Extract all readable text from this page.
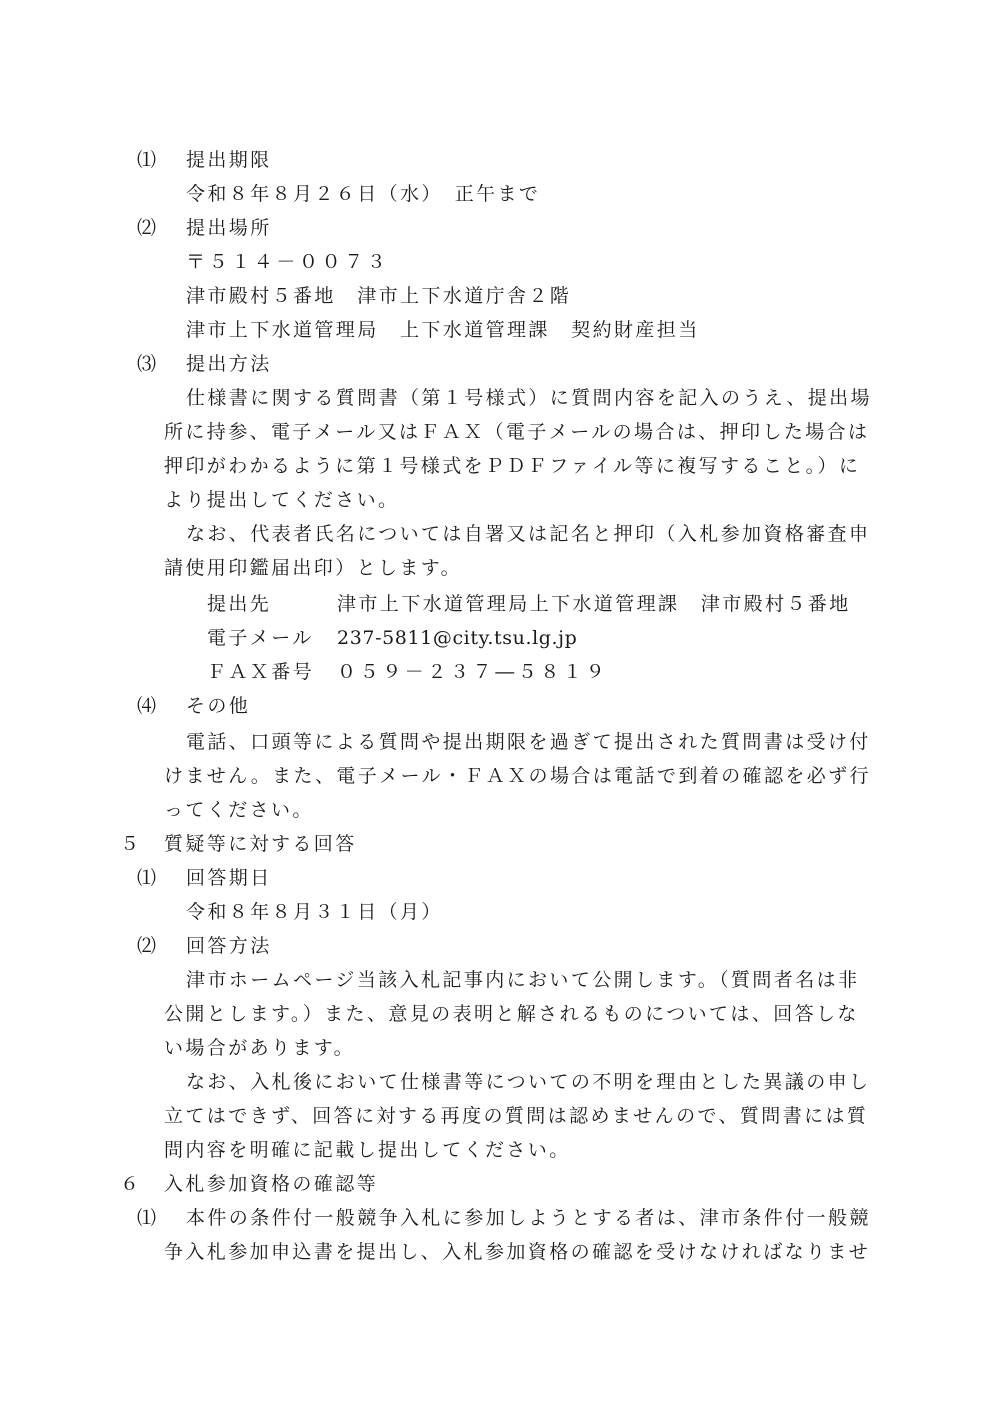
⑴ 提出期限
令和８年８月２６日（水）　正午まで
⑵ 提出場所
〒５１４－００７３
津市殿村５番地　津市上下水道庁舎２階
津市上下水道管理局　上下水道管理課　契約財産担当
⑶ 提出方法
仕様書に関する質問書（第１号様式）に質問内容を記入のうえ、提出場
所に持参、電子メール又はＦＡＸ（電子メールの場合は、押印した場合は
押印がわかるように第１号様式をＰＤＦファイル等に複写すること。）に
より提出してください。
なお、代表者氏名については自署又は記名と押印（入札参加資格審査申
請使用印鑑届出印）とします。
提出先	津市上下水道管理局上下水道管理課　津市殿村５番地
電子メール 237-5811@city.tsu.lg.jp
ＦＡＸ番号 ０５９－２３７―５８１９
⑷ その他
電話、口頭等による質問や提出期限を過ぎて提出された質問書は受け付
けません。また、電子メール・ＦＡＸの場合は電話で到着の確認を必ず行
ってください。
５ 質疑等に対する回答
⑴ 回答期日
令和８年８月３１日（月）
⑵ 回答方法
津市ホームページ当該入札記事内において公開します。（質問者名は非
公開とします。）また、意見の表明と解されるものについては、回答しな
い場合があります。
なお、入札後において仕様書等についての不明を理由とした異議の申し
立てはできず、回答に対する再度の質問は認めませんので、質問書には質
問内容を明確に記載し提出してください。
６ 入札参加資格の確認等
⑴ 本件の条件付一般競争入札に参加しようとする者は、津市条件付一般競
争入札参加申込書を提出し、入札参加資格の確認を受けなければなりませ
